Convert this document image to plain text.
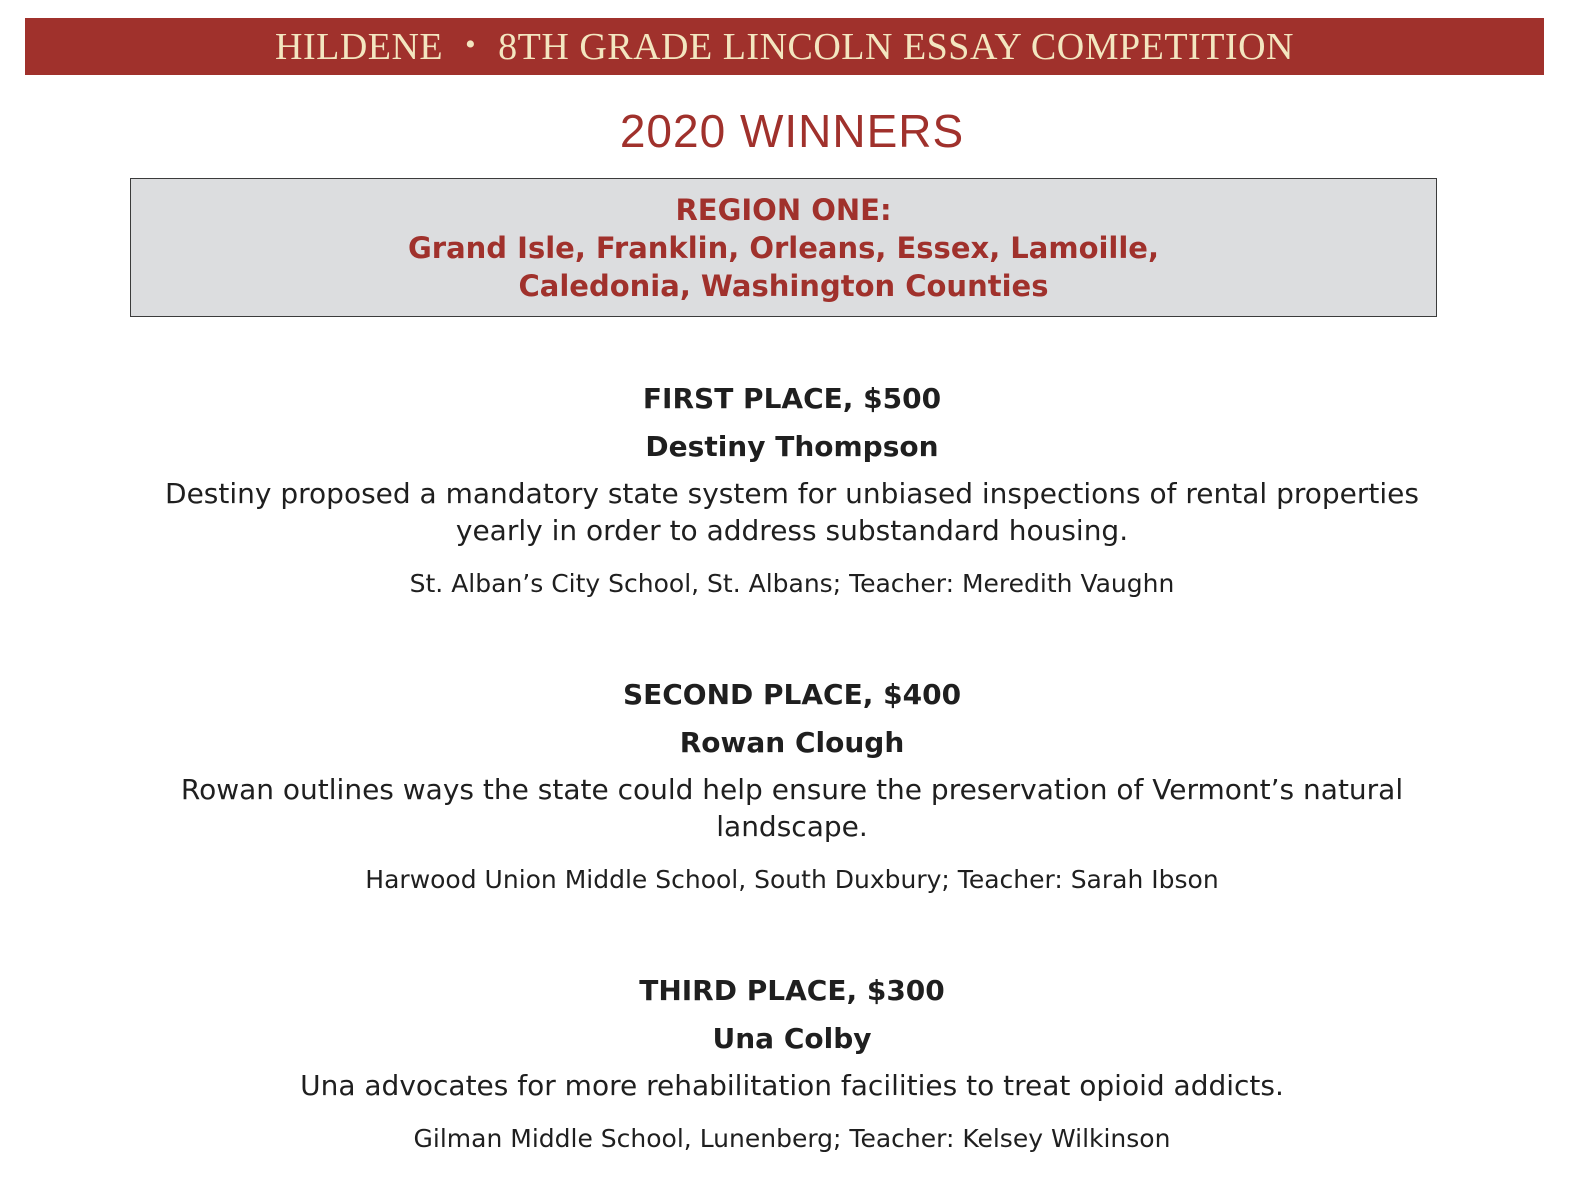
HILDENE • 8TH GRADE LINCOLN ESSAY COMPETITION
2020 WINNERS
REGION ONE:
Grand Isle, Franklin, Orleans, Essex, Lamoille,
Caledonia, Washington Counties

FIRST PLACE, $500

Destiny Thompson

Destiny proposed a mandatory state system for unbiased inspections of rental properties yearly in order to address substandard housing.

St. Alban’s City School, St. Albans; Teacher: Meredith Vaughn

SECOND PLACE, $400

Rowan Clough

Rowan outlines ways the state could help ensure the preservation of Vermont’s natural landscape.

Harwood Union Middle School, South Duxbury; Teacher: Sarah Ibson

THIRD PLACE, $300

Una Colby

Una advocates for more rehabilitation facilities to treat opioid addicts.

Gilman Middle School, Lunenberg; Teacher: Kelsey Wilkinson
